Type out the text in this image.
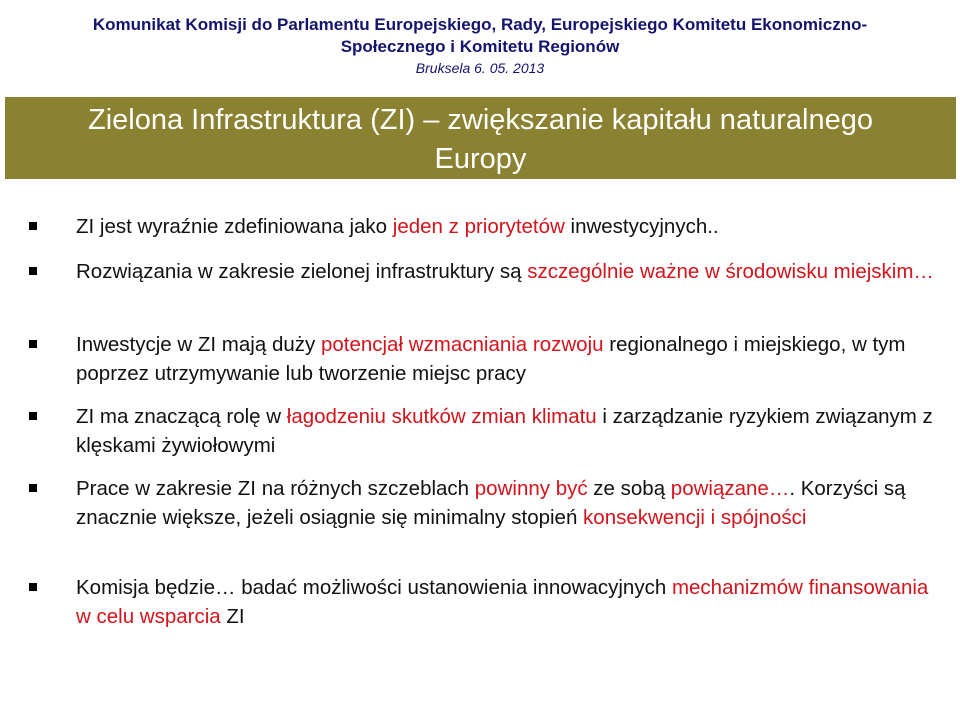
Komunikat Komisji do Parlamentu Europejskiego, Rady, Europejskiego Komitetu Ekonomiczno-
Społecznego i Komitetu Regionów
Bruksela 6. 05. 2013
Zielona Infrastruktura (ZI) – zwiększanie kapitału naturalnego
Europy
ZI jest wyraźnie zdefiniowana jako jeden z priorytetów inwestycyjnych..
Rozwiązania w zakresie zielonej infrastruktury są szczególnie ważne w środowisku miejskim…
Inwestycje w ZI mają duży potencjał wzmacniania rozwoju regionalnego i miejskiego, w tym poprzez utrzymywanie lub tworzenie miejsc pracy
ZI ma znaczącą rolę w łagodzeniu skutków zmian klimatu i zarządzanie ryzykiem związanym z klęskami żywiołowymi
Prace w zakresie ZI na różnych szczeblach powinny być ze sobą powiązane…. Korzyści są znacznie większe, jeżeli osiągnie się minimalny stopień konsekwencji i spójności
Komisja będzie… badać możliwości ustanowienia innowacyjnych mechanizmów finansowania w celu wsparcia ZI
